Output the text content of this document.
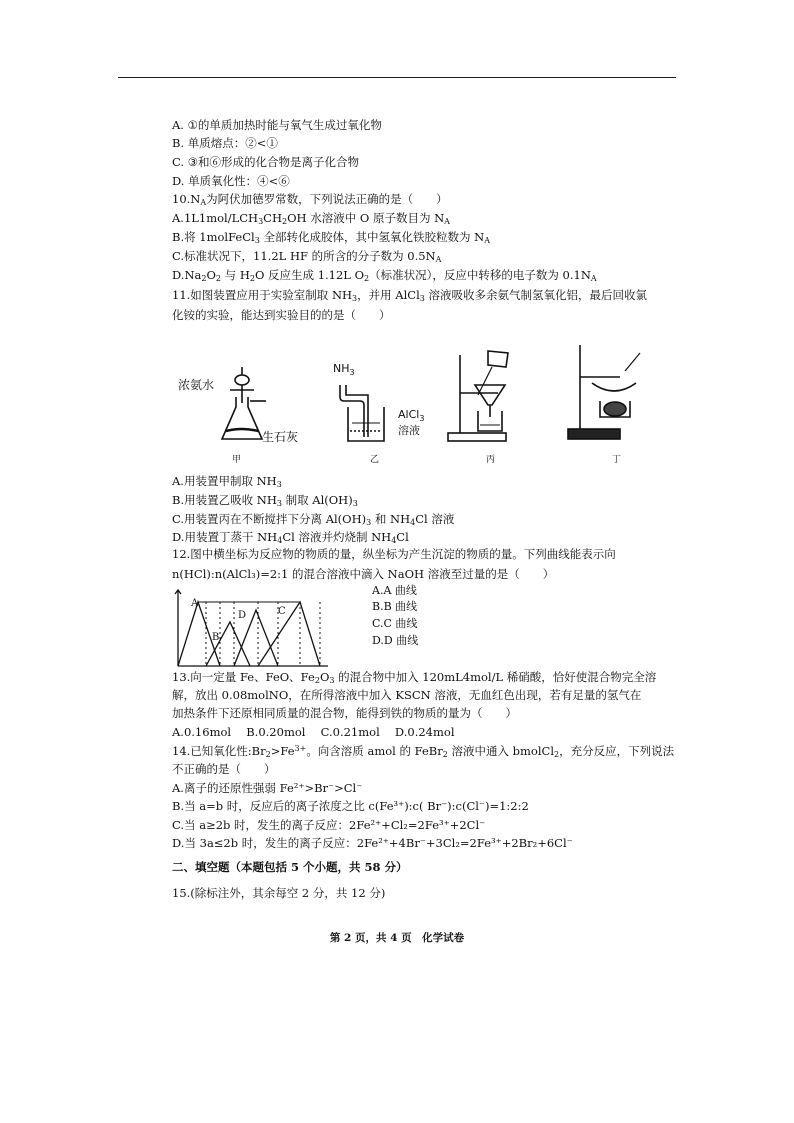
A. ①的单质加热时能与氧气生成过氧化物
B. 单质熔点：②<①
C. ③和⑥形成的化合物是离子化合物
D. 单质氧化性：④<⑥
$10.N_A$为阿伏加德罗常数，下列说法正确的是（　　）
$A.1L1mol/LCH_3CH_2OH$ 水溶液中 O 原子数目为 $N_A$
B.将 1molFeCl$_3$ 全部转化成胶体，其中氢氧化铁胶粒数为 $N_A$
C.标准状况下，11.2L HF 的所含的分子数为 $0.5N_A$
$D.Na_2O_2$ 与 $H_2O$ 反应生成 1.12L $O_2$（标准状况），反应中转移的电子数为 $0.1N_A$
11.如图装置应用于实验室制取 $NH_3$，并用 AlCl$_3$ 溶液吸收多余氨气制氢氧化铝，最后回收氯
化铵的实验，能达到实验目的的是（　　）
浓氨水
生石灰
$NH_3$
AlCl$_3$
溶液
甲	乙	丙	丁
A.用装置甲制取 $NH_3$
B.用装置乙吸收 $NH_3$ 制取 $Al(OH)_3$
C.用装置丙在不断搅拌下分离 $Al(OH)_3$ 和 $NH_4Cl$ 溶液
D.用装置丁蒸干 $NH_4Cl$ 溶液并灼烧制 $NH_4Cl$
12.图中横坐标为反应物的物质的量，纵坐标为产生沉淀的物质的量。下列曲线能表示向
n(HCl):n(AlCl₃)=2:1 的混合溶液中滴入 NaOH 溶液至过量的是（　　）
A
B
D	C
A.A 曲线
B.B 曲线
C.C 曲线
D.D 曲线
13.向一定量 Fe、FeO、$Fe_2O_3$ 的混合物中加入 120mL4mol/L 稀硝酸，恰好使混合物完全溶
解，放出 0.08molNO，在所得溶液中加入 KSCN 溶液，无血红色出现，若有足量的氢气在
加热条件下还原相同质量的混合物，能得到铁的物质的量为（　　）
A.0.16mol　 B.0.20mol　 C.0.21mol　 D.0.24mol
14.已知氧化性$:Br_2>Fe^{3+}$。向含溶质 amol 的 FeBr$_2$ 溶液中通入 bmolCl$_2$，充分反应，下列说法
不正确的是（　　）
A.离子的还原性强弱 Fe²⁺>Br⁻>Cl⁻
B.当 a=b 时，反应后的离子浓度之比 c(Fe³⁺):c( Br⁻):c(Cl⁻)=1:2:2
C.当 a≥2b 时，发生的离子反应：2Fe²⁺+Cl₂=2Fe³⁺+2Cl⁻
D.当 3a≤2b 时，发生的离子反应：2Fe²⁺+4Br⁻+3Cl₂=2Fe³⁺+2Br₂+6Cl⁻
二、填空题（本题包括 5 个小题，共 58 分）
15.(除标注外，其余每空 2 分，共 12 分)
第 2 页，共 4 页　化学试卷
